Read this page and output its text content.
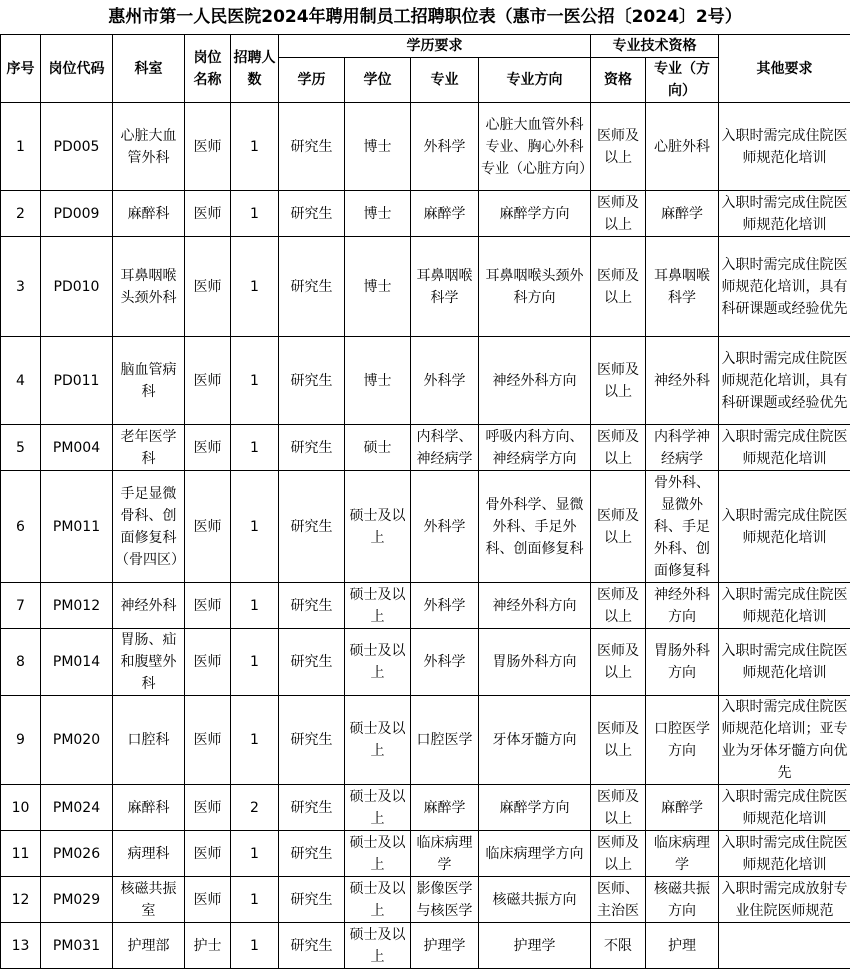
惠州市第一人民医院2024年聘用制员工招聘职位表（惠市一医公招〔2024〕2号）
序号	岗位代码	科室	岗位名称	招聘人数	学历要求				专业技术资格		其他要求
					学历	学位	专业	专业方向	资格	专业（方向）	
1	PD005	心脏大血管外科	医师	1	研究生	博士	外科学	心脏大血管外科专业、胸心外科专业（心脏方向）	医师及以上	心脏外科	入职时需完成住院医师规范化培训
2	PD009	麻醉科	医师	1	研究生	博士	麻醉学	麻醉学方向	医师及以上	麻醉学	入职时需完成住院医师规范化培训
3	PD010	耳鼻咽喉头颈外科	医师	1	研究生	博士	耳鼻咽喉科学	耳鼻咽喉头颈外科方向	医师及以上	耳鼻咽喉科学	入职时需完成住院医师规范化培训，具有科研课题或经验优先
4	PD011	脑血管病科	医师	1	研究生	博士	外科学	神经外科方向	医师及以上	神经外科	入职时需完成住院医师规范化培训，具有科研课题或经验优先
5	PM004	老年医学科	医师	1	研究生	硕士	内科学、神经病学	呼吸内科方向、神经病学方向	医师及以上	内科学神经病学	入职时需完成住院医师规范化培训
6	PM011	手足显微骨科、创面修复科（骨四区）	医师	1	研究生	硕士及以上	外科学	骨外科学、显微外科、手足外科、创面修复科	医师及以上	骨外科、显微外科、手足外科、创面修复科	入职时需完成住院医师规范化培训
7	PM012	神经外科	医师	1	研究生	硕士及以上	外科学	神经外科方向	医师及以上	神经外科方向	入职时需完成住院医师规范化培训
8	PM014	胃肠、疝和腹壁外科	医师	1	研究生	硕士及以上	外科学	胃肠外科方向	医师及以上	胃肠外科方向	入职时需完成住院医师规范化培训
9	PM020	口腔科	医师	1	研究生	硕士及以上	口腔医学	牙体牙髓方向	医师及以上	口腔医学方向	入职时需完成住院医师规范化培训；亚专业为牙体牙髓方向优先
10	PM024	麻醉科	医师	2	研究生	硕士及以上	麻醉学	麻醉学方向	医师及以上	麻醉学	入职时需完成住院医师规范化培训
11	PM026	病理科	医师	1	研究生	硕士及以上	临床病理学	临床病理学方向	医师及以上	临床病理学	入职时需完成住院医师规范化培训
12	PM029	核磁共振室	医师	1	研究生	硕士及以上	影像医学与核医学	核磁共振方向	医师、主治医	核磁共振方向	入职时需完成放射专业住院医师规范
13	PM031	护理部	护士	1	研究生	硕士及以上	护理学	护理学	不限	护理	
